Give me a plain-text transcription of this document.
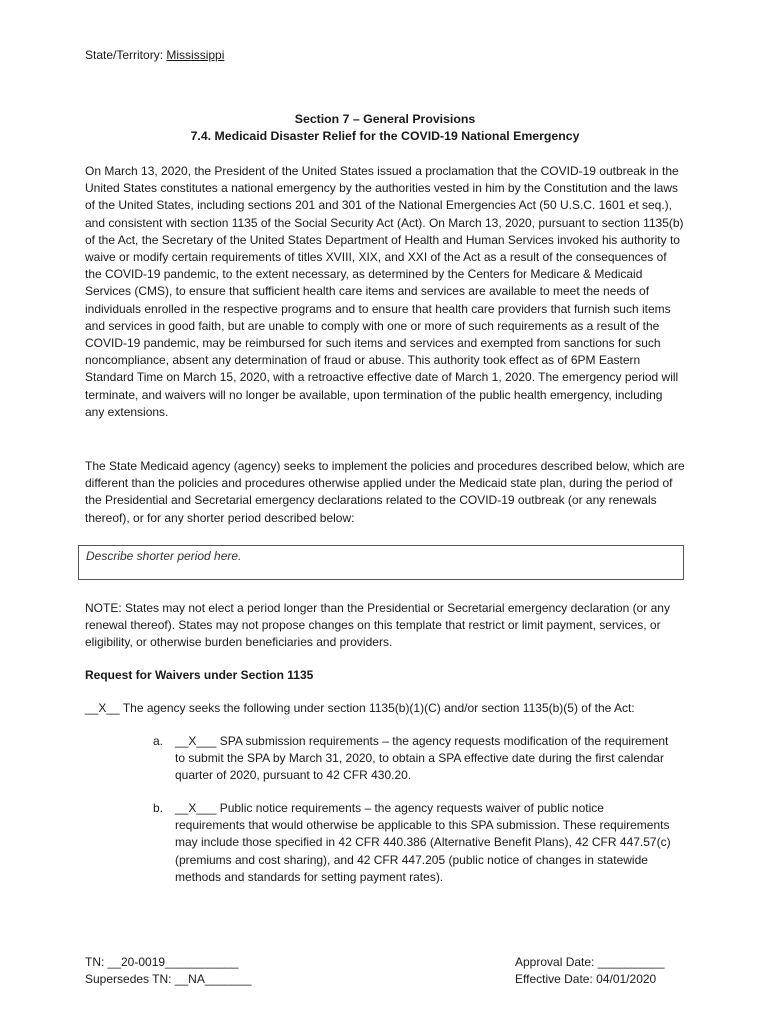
State/Territory: Mississippi
Section 7 – General Provisions
7.4. Medicaid Disaster Relief for the COVID-19 National Emergency

On March 13, 2020, the President of the United States issued a proclamation that the COVID-19 outbreak in the United States constitutes a national emergency by the authorities vested in him by the Constitution and the laws of the United States, including sections 201 and 301 of the National Emergencies Act (50 U.S.C. 1601 et seq.), and consistent with section 1135 of the Social Security Act (Act). On March 13, 2020, pursuant to section 1135(b) of the Act, the Secretary of the United States Department of Health and Human Services invoked his authority to waive or modify certain requirements of titles XVIII, XIX, and XXI of the Act as a result of the consequences of the COVID-19 pandemic, to the extent necessary, as determined by the Centers for Medicare & Medicaid Services (CMS), to ensure that sufficient health care items and services are available to meet the needs of individuals enrolled in the respective programs and to ensure that health care providers that furnish such items and services in good faith, but are unable to comply with one or more of such requirements as a result of the COVID-19 pandemic, may be reimbursed for such items and services and exempted from sanctions for such noncompliance, absent any determination of fraud or abuse. This authority took effect as of 6PM Eastern Standard Time on March 15, 2020, with a retroactive effective date of March 1, 2020. The emergency period will terminate, and waivers will no longer be available, upon termination of the public health emergency, including any extensions.

The State Medicaid agency (agency) seeks to implement the policies and procedures described below, which are different than the policies and procedures otherwise applied under the Medicaid state plan, during the period of the Presidential and Secretarial emergency declarations related to the COVID-19 outbreak (or any renewals thereof), or for any shorter period described below:

Describe shorter period here.

NOTE: States may not elect a period longer than the Presidential or Secretarial emergency declaration (or any renewal thereof). States may not propose changes on this template that restrict or limit payment, services, or eligibility, or otherwise burden beneficiaries and providers.

Request for Waivers under Section 1135
__X__ The agency seeks the following under section 1135(b)(1)(C) and/or section 1135(b)(5) of the Act:
a. __X___ SPA submission requirements – the agency requests modification of the requirement to submit the SPA by March 31, 2020, to obtain a SPA effective date during the first calendar quarter of 2020, pursuant to 42 CFR 430.20.
b. __X___ Public notice requirements – the agency requests waiver of public notice requirements that would otherwise be applicable to this SPA submission. These requirements may include those specified in 42 CFR 440.386 (Alternative Benefit Plans), 42 CFR 447.57(c) (premiums and cost sharing), and 42 CFR 447.205 (public notice of changes in statewide methods and standards for setting payment rates).
TN: __20-0019___________
Supersedes TN: __NA_______
Approval Date: __________
Effective Date: 04/01/2020
